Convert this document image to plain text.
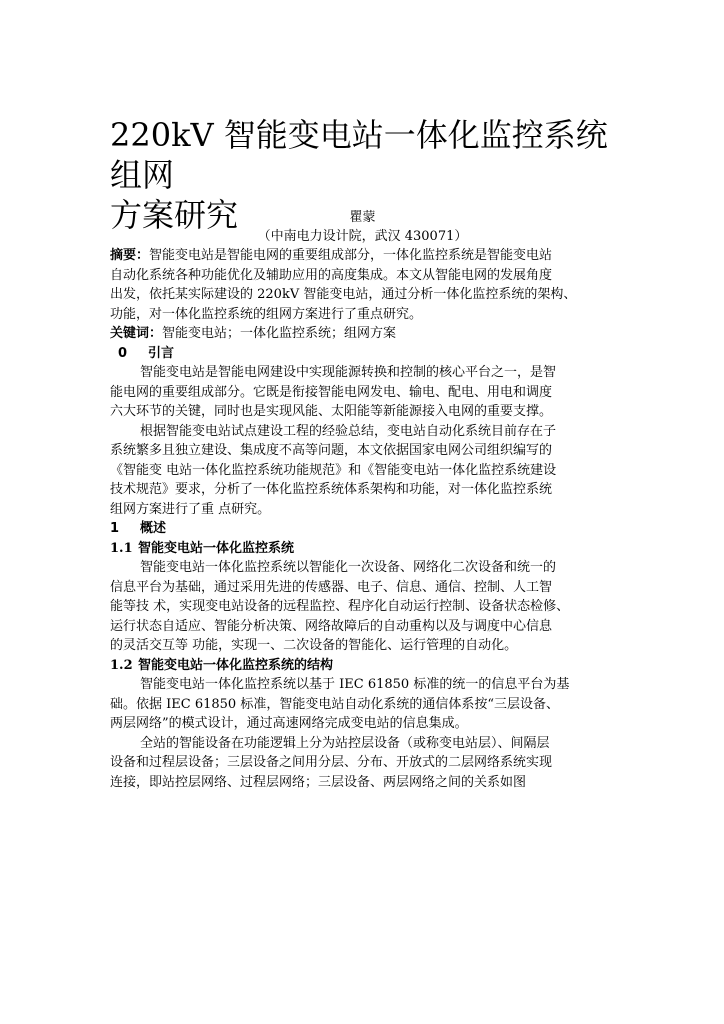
220kV 智能变电站一体化监控系统组网
方案研究	瞿蒙
（中南电力设计院，武汉 430071）
摘要：智能变电站是智能电网的重要组成部分，一体化监控系统是智能变电站
自动化系统各种功能优化及辅助应用的高度集成。本文从智能电网的发展角度
出发，依托某实际建设的 220kV 智能变电站，通过分析一体化监控系统的架构、
功能，对一体化监控系统的组网方案进行了重点研究。
关键词：智能变电站；一体化监控系统；组网方案
0 引言
智能变电站是智能电网建设中实现能源转换和控制的核心平台之一，是智
能电网的重要组成部分。它既是衔接智能电网发电、输电、配电、用电和调度
六大环节的关键，同时也是实现风能、太阳能等新能源接入电网的重要支撑。
根据智能变电站试点建设工程的经验总结，变电站自动化系统目前存在子
系统繁多且独立建设、集成度不高等问题，本文依据国家电网公司组织编写的
《智能变 电站一体化监控系统功能规范》和《智能变电站一体化监控系统建设
技术规范》要求，分析了一体化监控系统体系架构和功能，对一体化监控系统
组网方案进行了重 点研究。
1 概述
1.1 智能变电站一体化监控系统
智能变电站一体化监控系统以智能化一次设备、网络化二次设备和统一的
信息平台为基础，通过采用先进的传感器、电子、信息、通信、控制、人工智
能等技 术，实现变电站设备的远程监控、程序化自动运行控制、设备状态检修、
运行状态自适应、智能分析决策、网络故障后的自动重构以及与调度中心信息
的灵活交互等 功能，实现一、二次设备的智能化、运行管理的自动化。
1.2 智能变电站一体化监控系统的结构
智能变电站一体化监控系统以基于 IEC 61850 标准的统一的信息平台为基
础。依据 IEC 61850 标准，智能变电站自动化系统的通信体系按“三层设备、
两层网络”的模式设计，通过高速网络完成变电站的信息集成。
全站的智能设备在功能逻辑上分为站控层设备（或称变电站层）、间隔层
设备和过程层设备；三层设备之间用分层、分布、开放式的二层网络系统实现
连接，即站控层网络、过程层网络；三层设备、两层网络之间的关系如图
